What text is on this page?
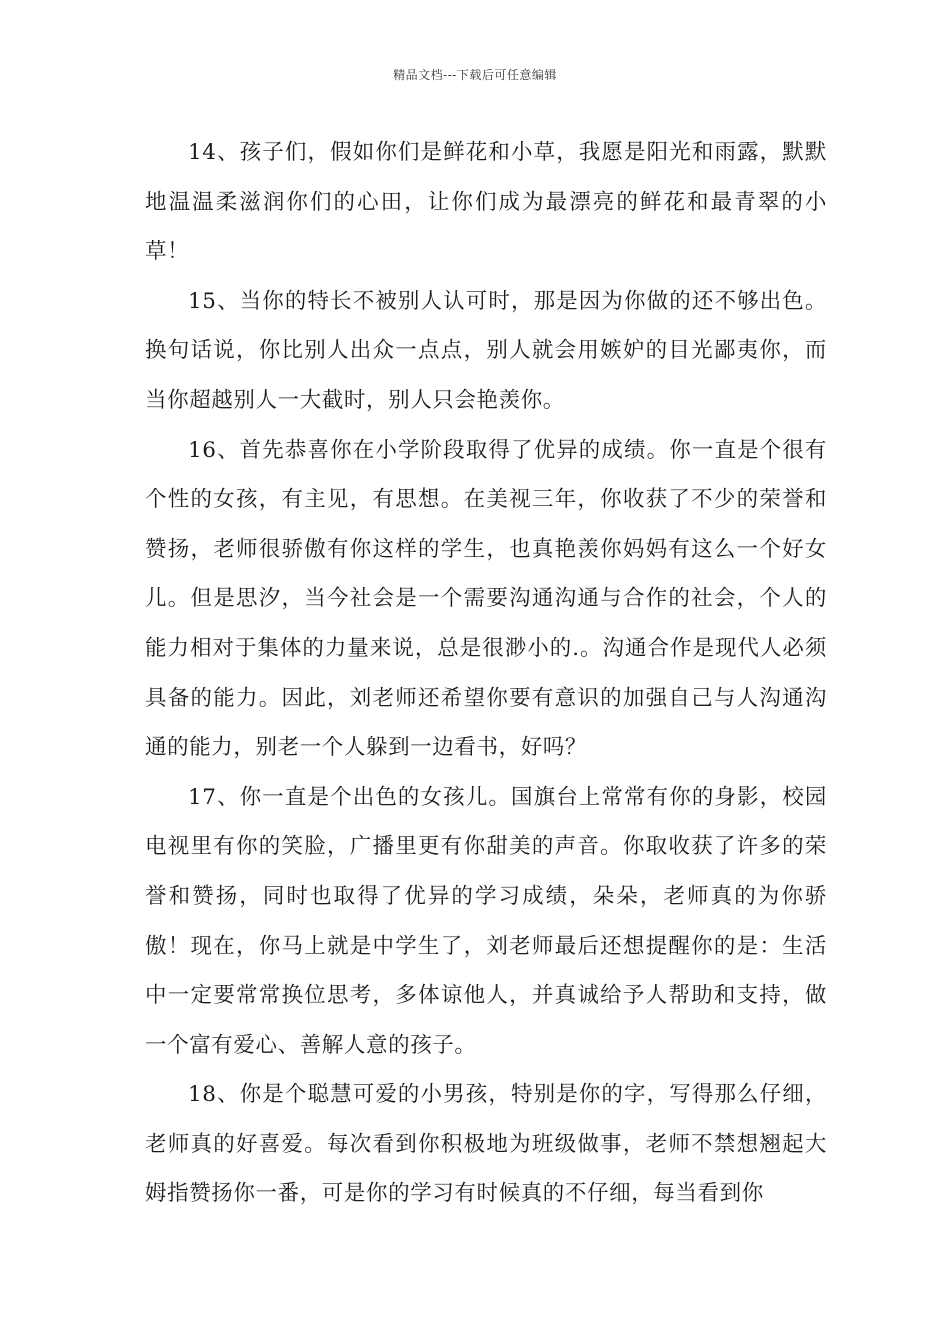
精品文档---下载后可任意编辑

14、孩子们，假如你们是鲜花和小草，我愿是阳光和雨露，默默地温温柔滋润你们的心田，让你们成为最漂亮的鲜花和最青翠的小草！

15、当你的特长不被别人认可时，那是因为你做的还不够出色。换句话说，你比别人出众一点点，别人就会用嫉妒的目光鄙夷你，而当你超越别人一大截时，别人只会艳羡你。

16、首先恭喜你在小学阶段取得了优异的成绩。你一直是个很有个性的女孩，有主见，有思想。在美视三年，你收获了不少的荣誉和赞扬，老师很骄傲有你这样的学生，也真艳羡你妈妈有这么一个好女儿。但是思汐，当今社会是一个需要沟通沟通与合作的社会，个人的能力相对于集体的力量来说，总是很渺小的.。沟通合作是现代人必须具备的能力。因此，刘老师还希望你要有意识的加强自己与人沟通沟通的能力，别老一个人躲到一边看书，好吗？

17、你一直是个出色的女孩儿。国旗台上常常有你的身影，校园电视里有你的笑脸，广播里更有你甜美的声音。你取收获了许多的荣誉和赞扬，同时也取得了优异的学习成绩，朵朵，老师真的为你骄傲！现在，你马上就是中学生了，刘老师最后还想提醒你的是：生活中一定要常常换位思考，多体谅他人，并真诚给予人帮助和支持，做一个富有爱心、善解人意的孩子。

18、你是个聪慧可爱的小男孩，特别是你的字，写得那么仔细，老师真的好喜爱。每次看到你积极地为班级做事，老师不禁想翘起大姆指赞扬你一番，可是你的学习有时候真的不仔细，每当看到你
